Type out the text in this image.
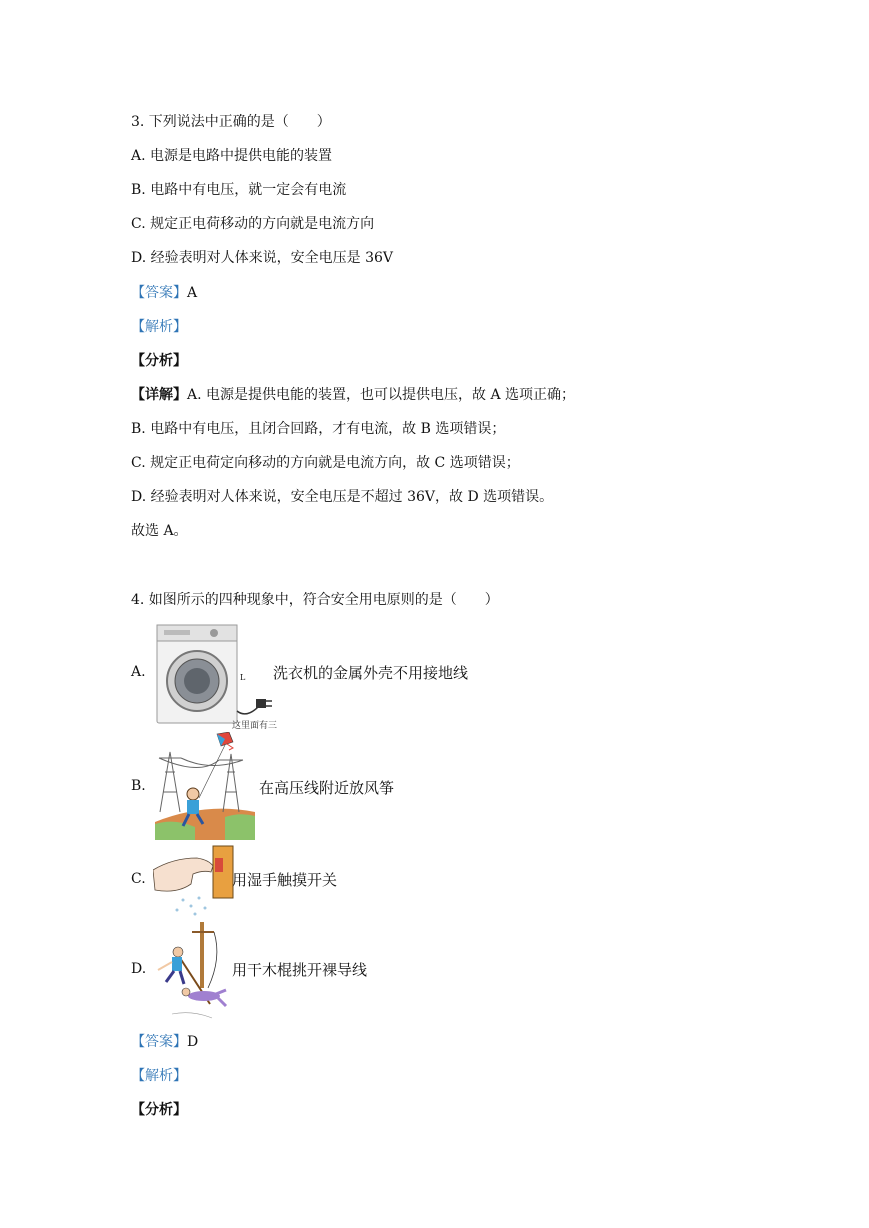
3. 下列说法中正确的是（　　）
A. 电源是电路中提供电能的装置
B. 电路中有电压，就一定会有电流
C. 规定正电荷移动的方向就是电流方向
D. 经验表明对人体来说，安全电压是 36V
【答案】A
【解析】
【分析】
【详解】A. 电源是提供电能的装置，也可以提供电压，故 A 选项正确；
B. 电路中有电压，且闭合回路，才有电流，故 B 选项错误；
C. 规定正电荷定向移动的方向就是电流方向，故 C 选项错误；
D. 经验表明对人体来说，安全电压是不超过 36V，故 D 选项错误。
故选 A。
4. 如图所示的四种现象中，符合安全用电原则的是（　　）
A.	L
这里面有三
洗衣机的金属外壳不用接地线
B.	在高压线附近放风筝
C.	用湿手触摸开关
D.	用干木棍挑开裸导线
【答案】D
【解析】
【分析】
